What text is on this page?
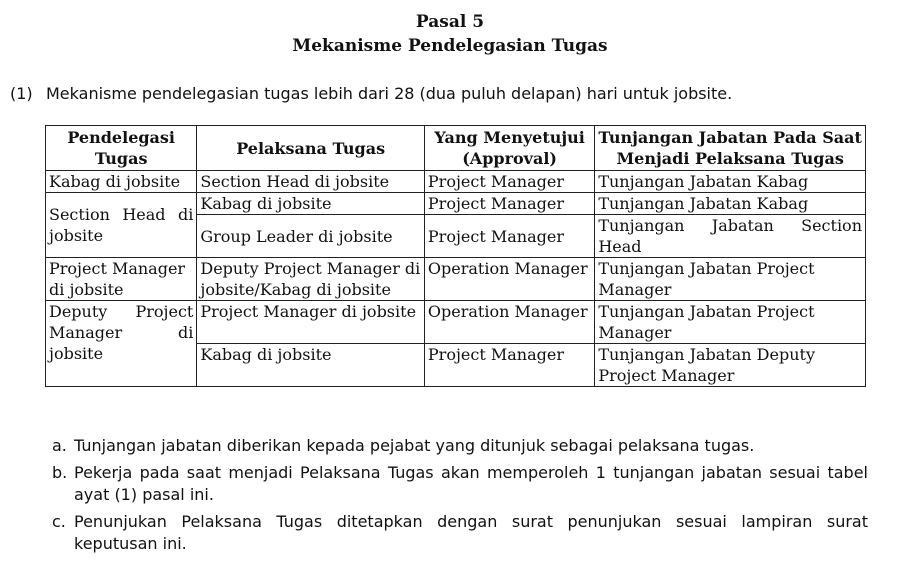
Pasal 5
Mekanisme Pendelegasian Tugas
(1) Mekanisme pendelegasian tugas lebih dari 28 (dua puluh delapan) hari untuk jobsite.
Pendelegasi Tugas	Pelaksana Tugas	Yang Menyetujui (Approval)	Tunjangan Jabatan Pada Saat Menjadi Pelaksana Tugas
Kabag di jobsite	Section Head di jobsite	Project Manager	Tunjangan Jabatan Kabag
Section Head di jobsite	Kabag di jobsite	Project Manager	Tunjangan Jabatan Kabag
	Group Leader di jobsite	Project Manager	Tunjangan Jabatan Section Head
Project Manager di jobsite	Deputy Project Manager di jobsite/Kabag di jobsite	Operation Manager	Tunjangan Jabatan Project Manager
Deputy Project Manager di jobsite	Project Manager di jobsite	Operation Manager	Tunjangan Jabatan Project Manager
	Kabag di jobsite	Project Manager	Tunjangan Jabatan Deputy Project Manager
a. Tunjangan jabatan diberikan kepada pejabat yang ditunjuk sebagai pelaksana tugas.
b. Pekerja pada saat menjadi Pelaksana Tugas akan memperoleh 1 tunjangan jabatan sesuai tabel ayat (1) pasal ini.
c. Penunjukan Pelaksana Tugas ditetapkan dengan surat penunjukan sesuai lampiran surat keputusan ini.
